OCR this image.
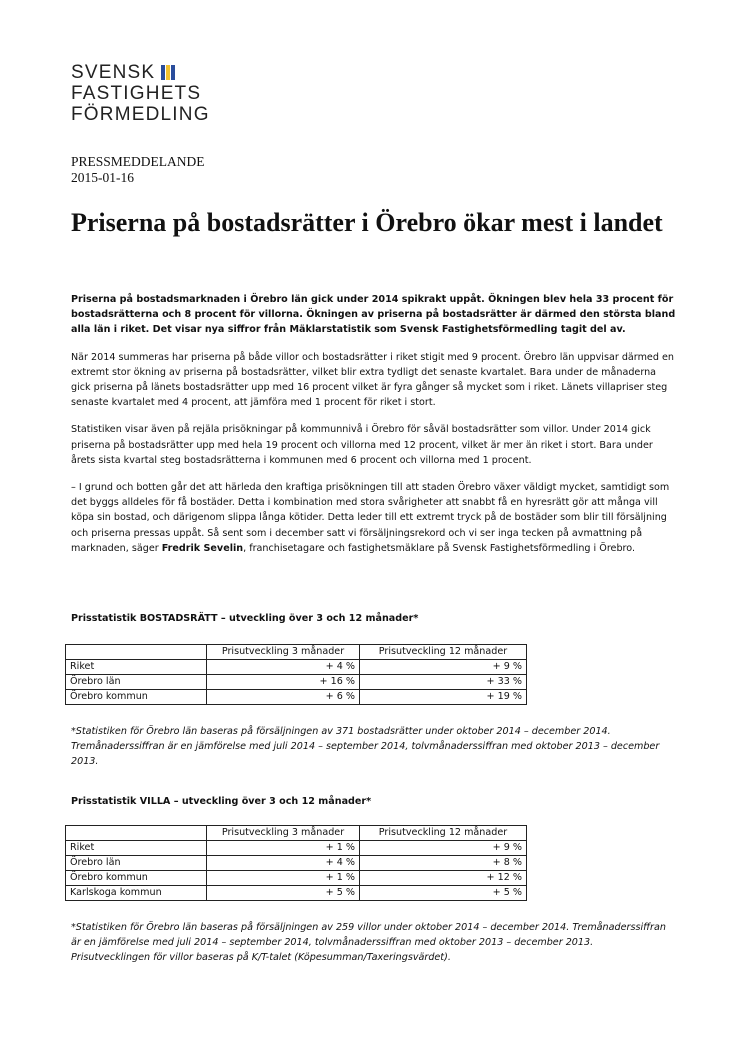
SVENSK
FASTIGHETS
FÖRMEDLING
PRESSMEDDELANDE
2015-01-16
Priserna på bostadsrätter i Örebro ökar mest i landet

Priserna på bostadsmarknaden i Örebro län gick under 2014 spikrakt uppåt. Ökningen blev hela 33 procent för bostadsrätterna och 8 procent för villorna. Ökningen av priserna på bostadsrätter är därmed den största bland alla län i riket. Det visar nya siffror från Mäklarstatistik som Svensk Fastighetsförmedling tagit del av.

När 2014 summeras har priserna på både villor och bostadsrätter i riket stigit med 9 procent. Örebro län uppvisar därmed en extremt stor ökning av priserna på bostadsrätter, vilket blir extra tydligt det senaste kvartalet. Bara under de månaderna gick priserna på länets bostadsrätter upp med 16 procent vilket är fyra gånger så mycket som i riket. Länets villapriser steg senaste kvartalet med 4 procent, att jämföra med 1 procent för riket i stort.

Statistiken visar även på rejäla prisökningar på kommunnivå i Örebro för såväl bostadsrätter som villor. Under 2014 gick priserna på bostadsrätter upp med hela 19 procent och villorna med 12 procent, vilket är mer än riket i stort. Bara under årets sista kvartal steg bostadsrätterna i kommunen med 6 procent och villorna med 1 procent.

– I grund och botten går det att härleda den kraftiga prisökningen till att staden Örebro växer väldigt mycket, samtidigt som det byggs alldeles för få bostäder. Detta i kombination med stora svårigheter att snabbt få en hyresrätt gör att många vill köpa sin bostad, och därigenom slippa långa kötider. Detta leder till ett extremt tryck på de bostäder som blir till försäljning och priserna pressas uppåt. Så sent som i december satt vi försäljningsrekord och vi ser inga tecken på avmattning på marknaden, säger Fredrik Sevelin, franchisetagare och fastighetsmäklare på Svensk Fastighetsförmedling i Örebro.

Prisstatistik BOSTADSRÄTT – utveckling över 3 och 12 månader*
	Prisutveckling 3 månader	Prisutveckling 12 månader
Riket	+ 4 %	+ 9 %
Örebro län	+ 16 %	+ 33 %
Örebro kommun	+ 6 %	+ 19 %
*Statistiken för Örebro län baseras på försäljningen av 371 bostadsrätter under oktober 2014 – december 2014. Tremånaderssiffran är en jämförelse med juli 2014 – september 2014, tolvmånaderssiffran med oktober 2013 – december 2013.
Prisstatistik VILLA – utveckling över 3 och 12 månader*
	Prisutveckling 3 månader	Prisutveckling 12 månader
Riket	+ 1 %	+ 9 %
Örebro län	+ 4 %	+ 8 %
Örebro kommun	+ 1 %	+ 12 %
Karlskoga kommun	+ 5 %	+ 5 %
*Statistiken för Örebro län baseras på försäljningen av 259 villor under oktober 2014 – december 2014. Tremånaderssiffran är en jämförelse med juli 2014 – september 2014, tolvmånaderssiffran med oktober 2013 – december 2013. Prisutvecklingen för villor baseras på K/T-talet (Köpesumman/Taxeringsvärdet).
